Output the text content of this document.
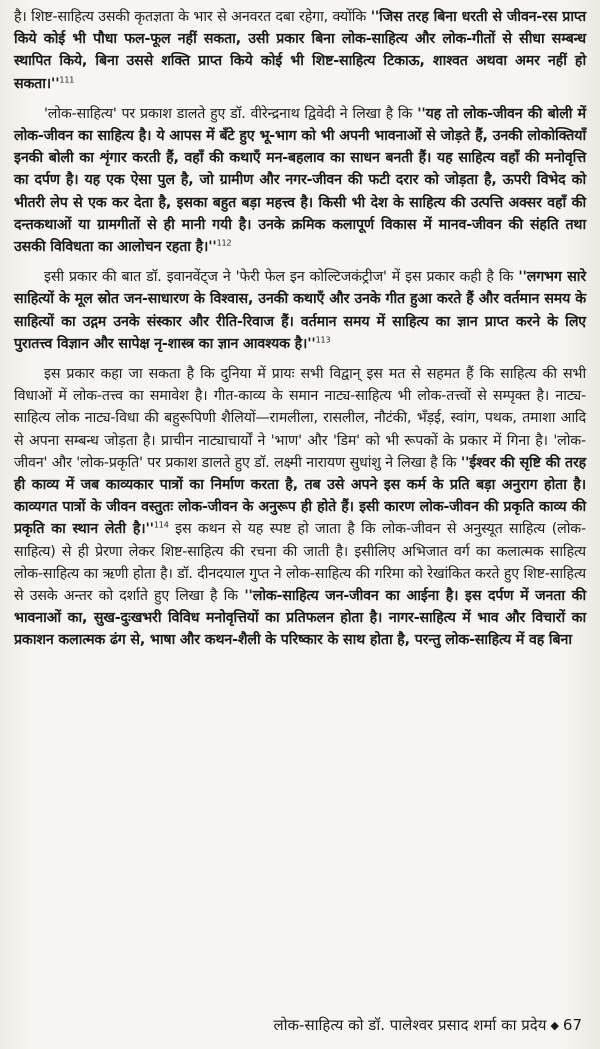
है। शिष्ट-साहित्य उसकी कृतज्ञता के भार से अनवरत दबा रहेगा, क्योंकि ''जिस तरह बिना धरती से जीवन-रस प्राप्त किये कोई भी पौधा फल-फूल नहीं सकता, उसी प्रकार बिना लोक-साहित्य और लोक-गीतों से सीधा सम्बन्ध स्थापित किये, बिना उससे शक्ति प्राप्त किये कोई भी शिष्ट-साहित्य टिकाऊ, शाश्वत अथवा अमर नहीं हो $सकता।''^{111}$

'लोक-साहित्य' पर प्रकाश डालते हुए डॉ. वीरेन्द्रनाथ द्विवेदी ने लिखा है कि ''यह तो लोक-जीवन की बोली में लोक-जीवन का साहित्य है। ये आपस में बँटे हुए भू-भाग को भी अपनी भावनाओं से जोड़ते हैं, उनकी लोकोक्तियाँ इनकी बोली का शृंगार करती हैं, वहाँ की कथाएँ मन-बहलाव का साधन बनती हैं। यह साहित्य वहाँ की मनोवृत्ति का दर्पण है। यह एक ऐसा पुल है, जो ग्रामीण और नगर-जीवन की फटी दरार को जोड़ता है, ऊपरी विभेद को भीतरी लेप से एक कर देता है, इसका बहुत बड़ा महत्त्व है। किसी भी देश के साहित्य की उत्पत्ति अक्सर वहाँ की दन्तकथाओं या ग्रामगीतों से ही मानी गयी है। उनके क्रमिक कलापूर्ण विकास में मानव-जीवन की संहति तथा उसकी विविधता का आलोचन रहता $है।''^{112}$

इसी प्रकार की बात डॉ. इवानवेंट्ज ने 'फेरी फेल इन कोल्टिजकंट्रीज' में इस प्रकार कही है कि ''लगभग सारे साहित्यों के मूल स्रोत जन-साधारण के विश्वास, उनकी कथाएँ और उनके गीत हुआ करते हैं और वर्तमान समय के साहित्यों का उद्गम उनके संस्कार और रीति-रिवाज हैं। वर्तमान समय में साहित्य का ज्ञान प्राप्त करने के लिए पुरातत्त्व विज्ञान और सापेक्ष नृ-शास्त्र का ज्ञान आवश्यक $है।''^{113}$

इस प्रकार कहा जा सकता है कि दुनिया में प्रायः सभी विद्वान् इस मत से सहमत हैं कि साहित्य की सभी विधाओं में लोक-तत्त्व का समावेश है। गीत-काव्य के समान नाट्य-साहित्य भी लोक-तत्त्वों से सम्पृक्त है। नाट्य-साहित्य लोक नाट्य-विधा की बहुरूपिणी शैलियों—रामलीला, रासलील, नौटंकी, भँड़ई, स्वांग, पथक, तमाशा आदि से अपना सम्बन्ध जोड़ता है। प्राचीन नाट्याचार्यों ने 'भाण' और 'डिम' को भी रूपकों के प्रकार में गिना है। 'लोक-जीवन' और 'लोक-प्रकृति' पर प्रकाश डालते हुए डॉ. लक्ष्मी नारायण सुधांशु ने लिखा है कि ''ईश्वर की सृष्टि की तरह ही काव्य में जब काव्यकार पात्रों का निर्माण करता है, तब उसे अपने इस कर्म के प्रति बड़ा अनुराग होता है। काव्यगत पात्रों के जीवन वस्तुतः लोक-जीवन के अनुरूप ही होते हैं। इसी कारण लोक-जीवन की प्रकृति काव्य की प्रकृति का स्थान लेती $है।''^{114}$ इस कथन से यह स्पष्ट हो जाता है कि लोक-जीवन से अनुस्यूत साहित्य (लोक-साहित्य) से ही प्रेरणा लेकर शिष्ट-साहित्य की रचना की जाती है। इसीलिए अभिजात वर्ग का कलात्मक साहित्य लोक-साहित्य का ऋणी होता है। डॉ. दीनदयाल गुप्त ने लोक-साहित्य की गरिमा को रेखांकित करते हुए शिष्ट-साहित्य से उसके अन्तर को दर्शाते हुए लिखा है कि ''लोक-साहित्य जन-जीवन का आईना है। इस दर्पण में जनता की भावनाओं का, सुख-दुःखभरी विविध मनोवृत्तियों का प्रतिफलन होता है। नागर-साहित्य में भाव और विचारों का प्रकाशन कलात्मक ढंग से, भाषा और कथन-शैली के परिष्कार के साथ होता है, परन्तु लोक-साहित्य में वह बिना

लोक-साहित्य को डॉ. पालेश्वर प्रसाद शर्मा का प्रदेय ◆ 67
